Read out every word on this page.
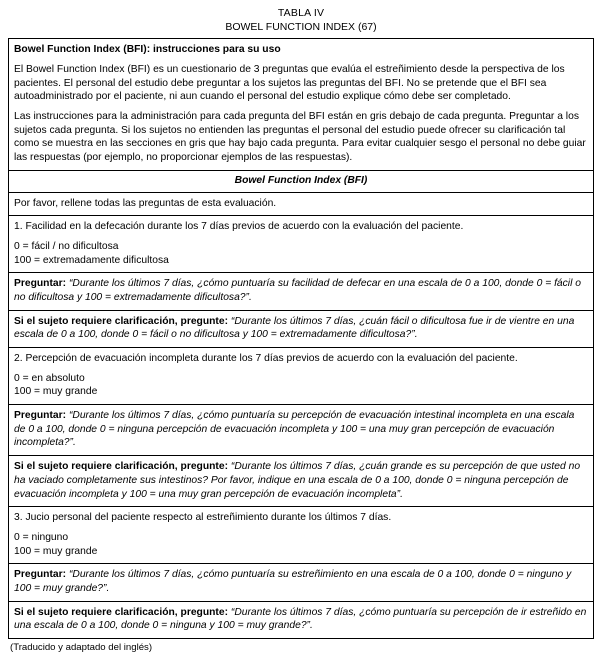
TABLA IV
BOWEL FUNCTION INDEX (67)

Bowel Function Index (BFI): instrucciones para su uso

El Bowel Function Index (BFI) es un cuestionario de 3 preguntas que evalúa el estreñimiento desde la perspectiva de los pacientes. El personal del estudio debe preguntar a los sujetos las preguntas del BFI. No se pretende que el BFI sea autoadministrado por el paciente, ni aun cuando el personal del estudio explique cómo debe ser completado.

Las instrucciones para la administración para cada pregunta del BFI están en gris debajo de cada pregunta. Preguntar a los sujetos cada pregunta. Si los sujetos no entienden las preguntas el personal del estudio puede ofrecer su clarificación tal como se muestra en las secciones en gris que hay bajo cada pregunta. Para evitar cualquier sesgo el personal no debe guiar las respuestas (por ejemplo, no proporcionar ejemplos de las respuestas).

Bowel Function Index (BFI)
Por favor, rellene todas las preguntas de esta evaluación.

1. Facilidad en la defecación durante los 7 días previos de acuerdo con la evaluación del paciente.

0 = fácil / no dificultosa
100 = extremadamente dificultosa

Preguntar: “Durante los últimos 7 días, ¿cómo puntuaría su facilidad de defecar en una escala de 0 a 100, donde 0 = fácil o no dificultosa y 100 = extremadamente dificultosa?”.

Si el sujeto requiere clarificación, pregunte: “Durante los últimos 7 días, ¿cuán fácil o dificultosa fue ir de vientre en una escala de 0 a 100, donde 0 = fácil o no dificultosa y 100 = extremadamente dificultosa?”.

2. Percepción de evacuación incompleta durante los 7 días previos de acuerdo con la evaluación del paciente.

0 = en absoluto
100 = muy grande

Preguntar: “Durante los últimos 7 días, ¿cómo puntuaría su percepción de evacuación intestinal incompleta en una escala de 0 a 100, donde 0 = ninguna percepción de evacuación incompleta y 100 = una muy gran percepción de evacuación incompleta?”.

Si el sujeto requiere clarificación, pregunte: “Durante los últimos 7 días, ¿cuán grande es su percepción de que usted no ha vaciado completamente sus intestinos? Por favor, indique en una escala de 0 a 100, donde 0 = ninguna percepción de evacuación incompleta y 100 = una muy gran percepción de evacuación incompleta”.

3. Jucio personal del paciente respecto al estreñimiento durante los últimos 7 días.

0 = ninguno
100 = muy grande

Preguntar: “Durante los últimos 7 días, ¿cómo puntuaría su estreñimiento en una escala de 0 a 100, donde 0 = ninguno y 100 = muy grande?”.

Si el sujeto requiere clarificación, pregunte: “Durante los últimos 7 días, ¿cómo puntuaría su percepción de ir estreñido en una escala de 0 a 100, donde 0 = ninguna y 100 = muy grande?”.

(Traducido y adaptado del inglés)
